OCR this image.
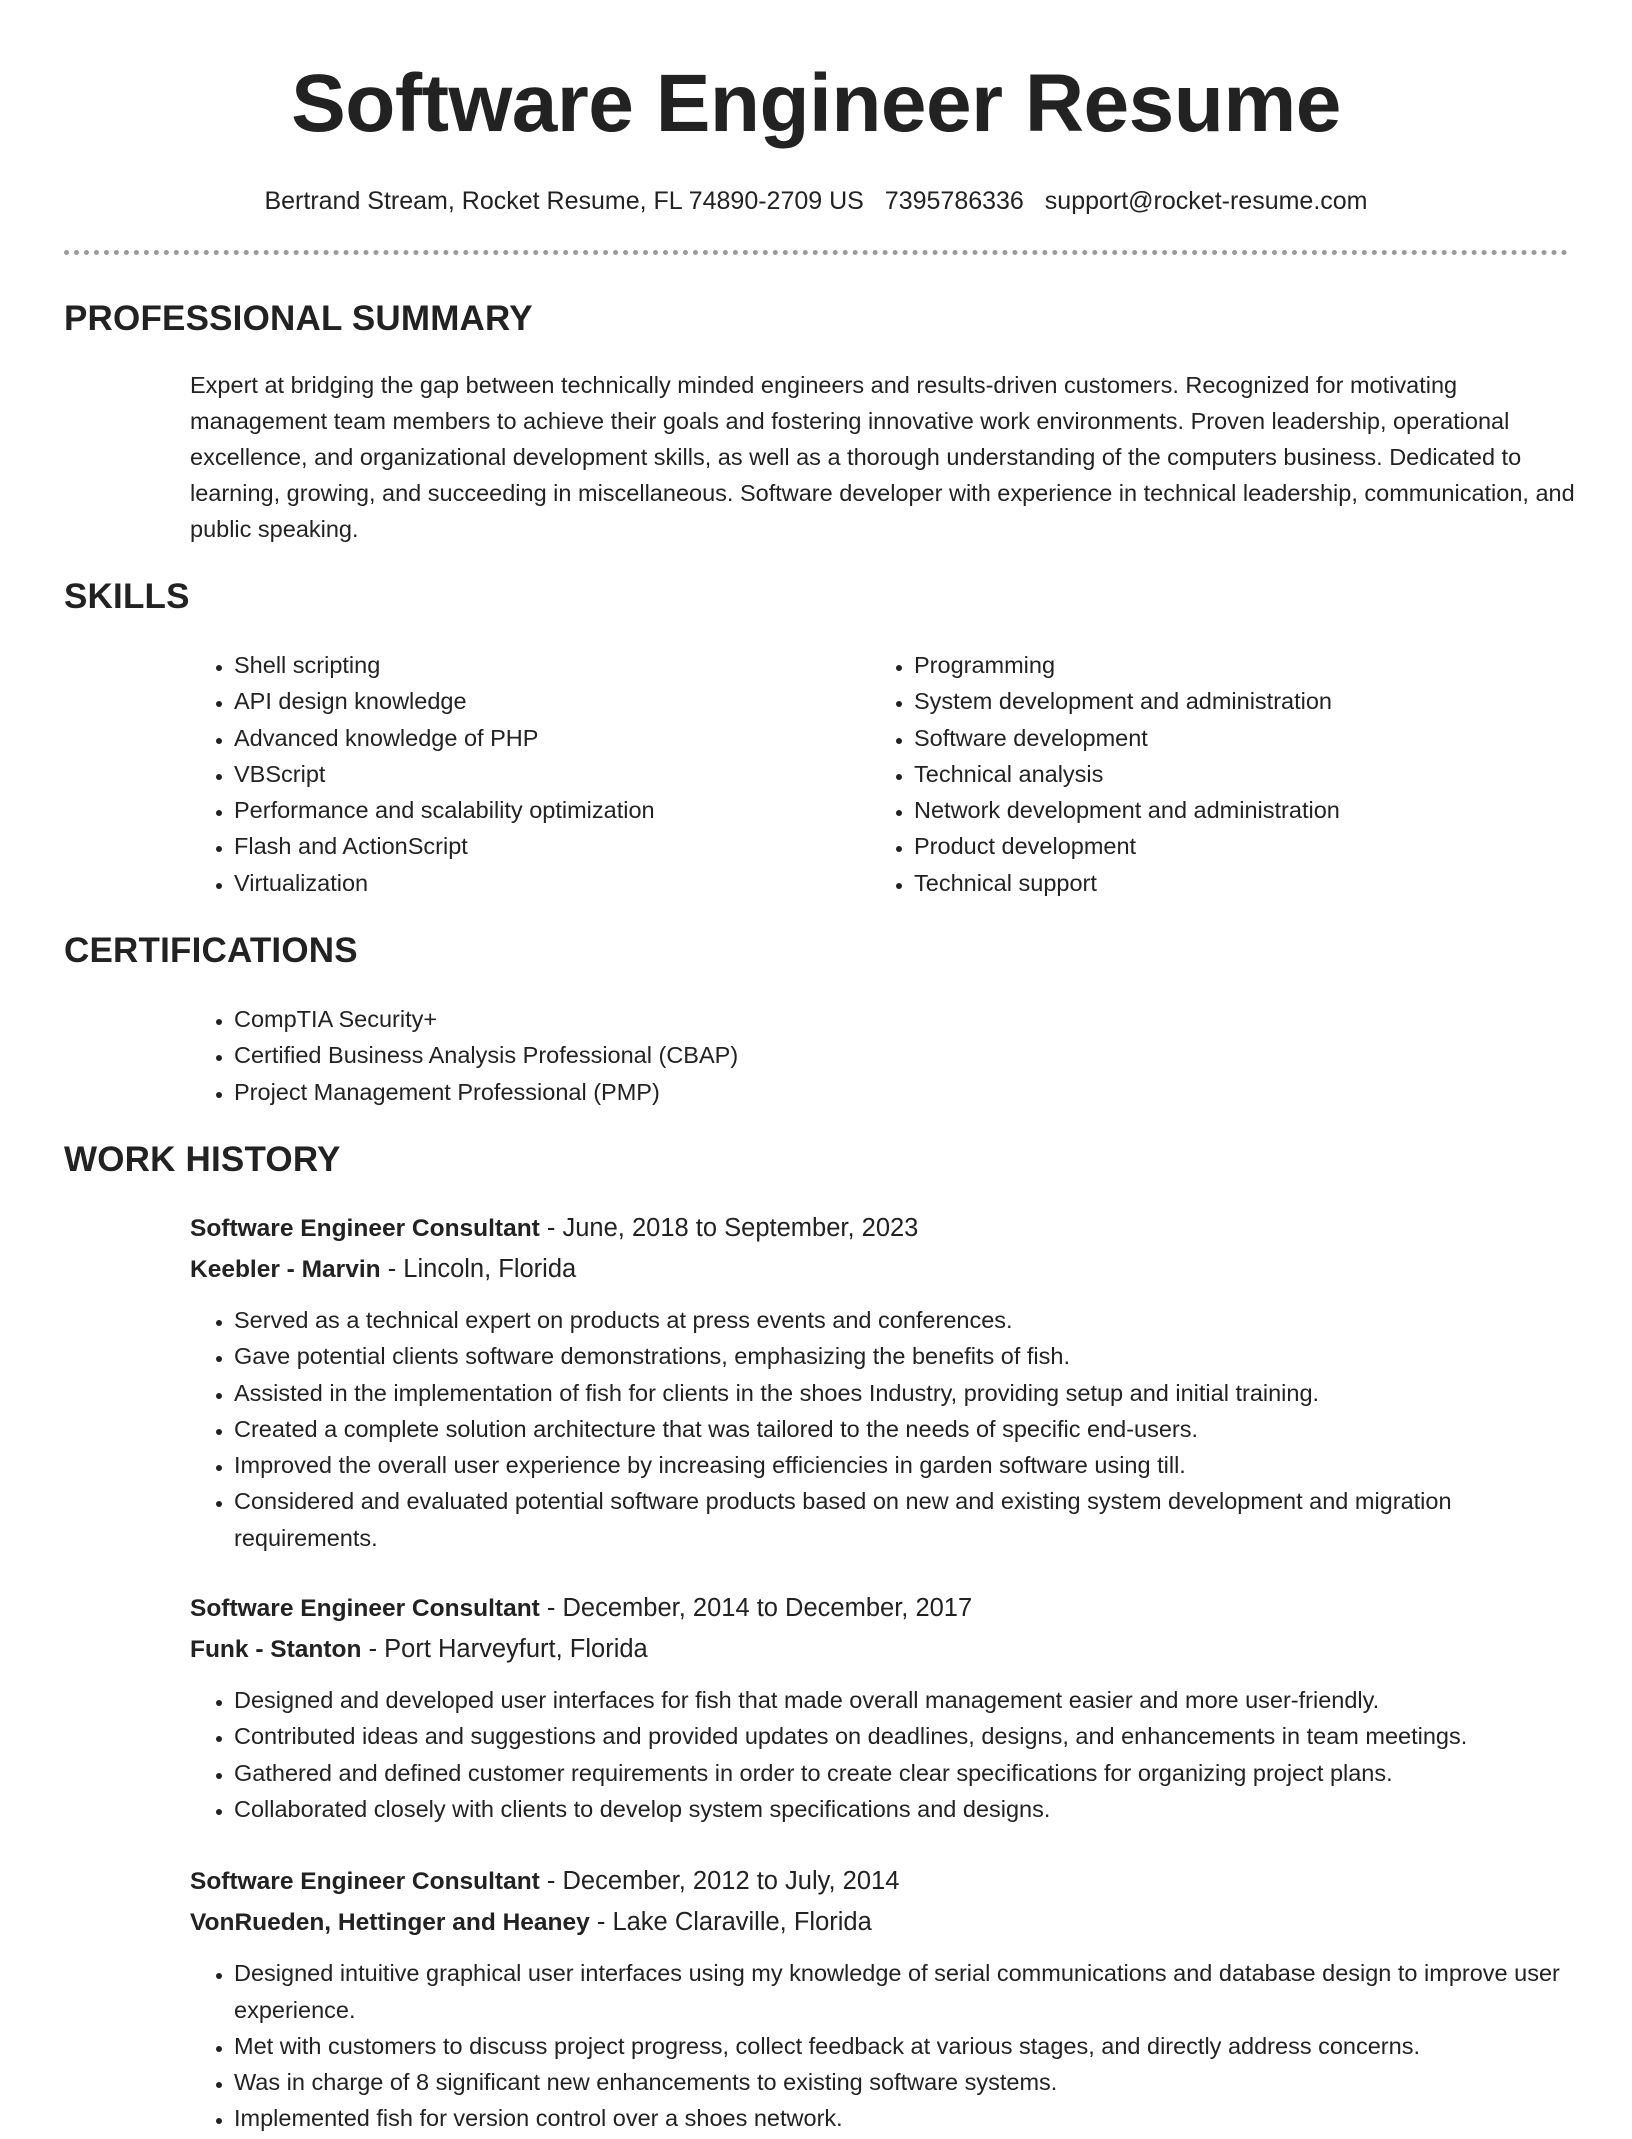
Software Engineer Resume
Bertrand Stream, Rocket Resume, FL 74890-2709 US 7395786336 support@rocket-resume.com
PROFESSIONAL SUMMARY

Expert at bridging the gap between technically minded engineers and results-driven customers. Recognized for motivating management team members to achieve their goals and fostering innovative work environments. Proven leadership, operational excellence, and organizational development skills, as well as a thorough understanding of the computers business. Dedicated to learning, growing, and succeeding in miscellaneous. Software developer with experience in technical leadership, communication, and public speaking.

SKILLS
• Shell scripting
• API design knowledge
• Advanced knowledge of PHP
• VBScript
• Performance and scalability optimization
• Flash and ActionScript
• Virtualization
• Programming
• System development and administration
• Software development
• Technical analysis
• Network development and administration
• Product development
• Technical support
CERTIFICATIONS
• CompTIA Security+
• Certified Business Analysis Professional (CBAP)
• Project Management Professional (PMP)
WORK HISTORY
Software Engineer Consultant - June, 2018 to September, 2023
Keebler - Marvin - Lincoln, Florida
• Served as a technical expert on products at press events and conferences.
• Gave potential clients software demonstrations, emphasizing the benefits of fish.
• Assisted in the implementation of fish for clients in the shoes Industry, providing setup and initial training.
• Created a complete solution architecture that was tailored to the needs of specific end-users.
• Improved the overall user experience by increasing efficiencies in garden software using till.
• Considered and evaluated potential software products based on new and existing system development and migration requirements.
Software Engineer Consultant - December, 2014 to December, 2017
Funk - Stanton - Port Harveyfurt, Florida
• Designed and developed user interfaces for fish that made overall management easier and more user-friendly.
• Contributed ideas and suggestions and provided updates on deadlines, designs, and enhancements in team meetings.
• Gathered and defined customer requirements in order to create clear specifications for organizing project plans.
• Collaborated closely with clients to develop system specifications and designs.
Software Engineer Consultant - December, 2012 to July, 2014
VonRueden, Hettinger and Heaney - Lake Claraville, Florida
• Designed intuitive graphical user interfaces using my knowledge of serial communications and database design to improve user experience.
• Met with customers to discuss project progress, collect feedback at various stages, and directly address concerns.
• Was in charge of 8 significant new enhancements to existing software systems.
• Implemented fish for version control over a shoes network.
